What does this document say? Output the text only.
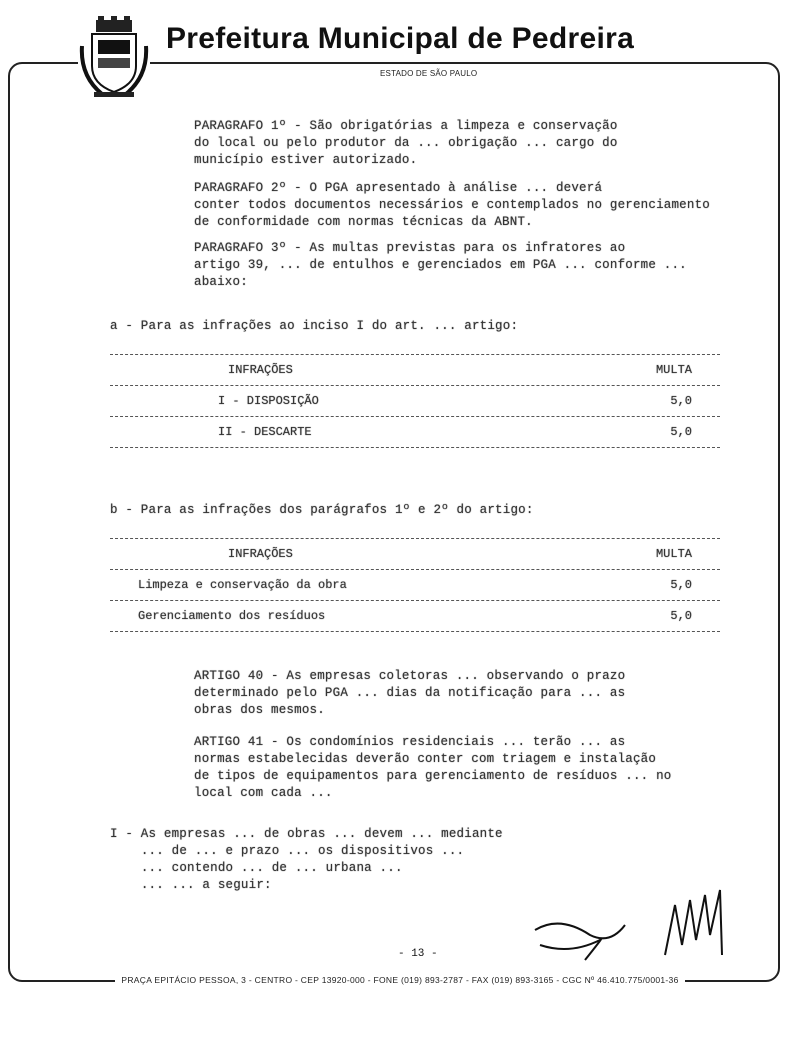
Prefeitura Municipal de Pedreira
ESTADO DE SÃO PAULO
PARAGRAFO 1º - São obrigatórias a limpeza e conservação
do local ou pelo produtor da ... obrigação ... cargo do
município estiver autorizado.
PARAGRAFO 2º - O PGA apresentado à análise ... deverá
conter todos documentos necessários e contemplados no gerenciamento
de conformidade com normas técnicas da ABNT.
PARAGRAFO 3º - As multas previstas para os infratores ao
artigo 39, ... de entulhos e gerenciados em PGA ... conforme ...
abaixo:
a - Para as infrações ao inciso I do art. ... artigo:
INFRAÇÕES	MULTA
I - DISPOSIÇÃO	5,0
II - DESCARTE	5,0
b - Para as infrações dos parágrafos 1º e 2º do artigo:
INFRAÇÕES	MULTA
Limpeza e conservação da obra	5,0
Gerenciamento dos resíduos	5,0
ARTIGO 40 - As empresas coletoras ... observando o prazo
determinado pelo PGA ... dias da notificação para ... as
obras dos mesmos.
ARTIGO 41 - Os condomínios residenciais ... terão ... as
normas estabelecidas deverão conter com triagem e instalação
de tipos de equipamentos para gerenciamento de resíduos ... no
local com cada ...
I - As empresas ... de obras ... devem ... mediante
... de ... e prazo ... os dispositivos ...
... contendo ... de ... urbana ...
... ... a seguir:
- 13 -
PRAÇA EPITÁCIO PESSOA, 3 - CENTRO - CEP 13920-000 - FONE (019) 893-2787 - FAX (019) 893-3165 - CGC Nº 46.410.775/0001-36
